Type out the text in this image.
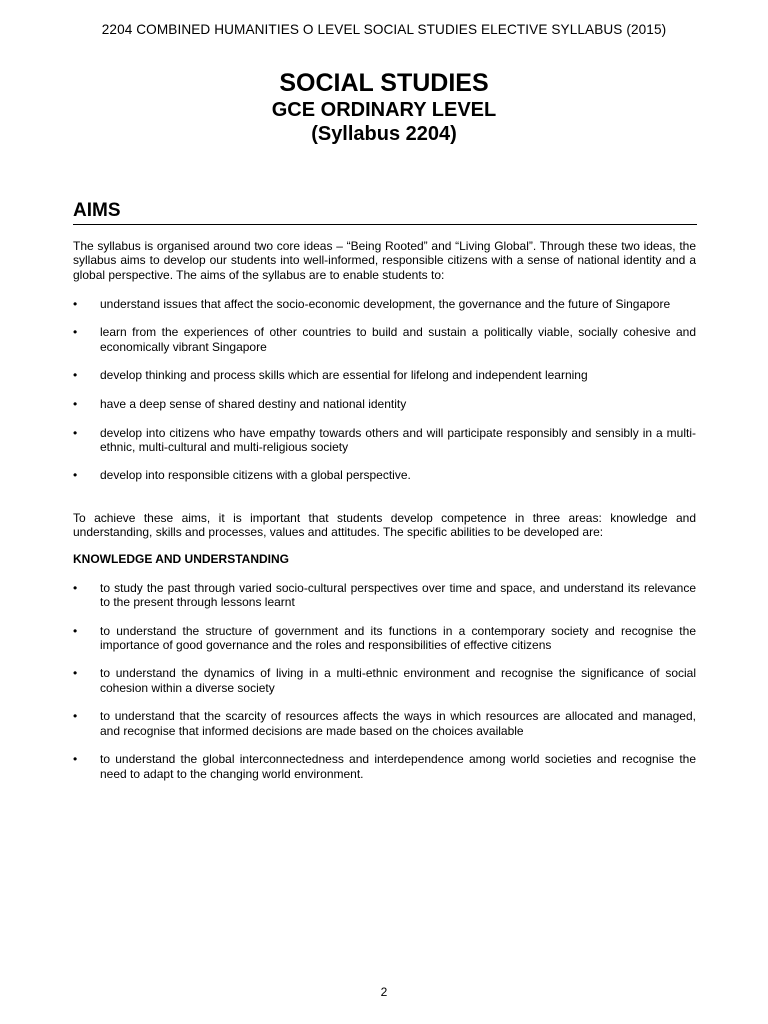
2204 COMBINED HUMANITIES O LEVEL SOCIAL STUDIES ELECTIVE SYLLABUS (2015)
SOCIAL STUDIES
GCE ORDINARY LEVEL
(Syllabus 2204)
AIMS

The syllabus is organised around two core ideas – “Being Rooted” and “Living Global”. Through these two ideas, the syllabus aims to develop our students into well-informed, responsible citizens with a sense of national identity and a global perspective. The aims of the syllabus are to enable students to:

• understand issues that affect the socio-economic development, the governance and the future of Singapore
• learn from the experiences of other countries to build and sustain a politically viable, socially cohesive and economically vibrant Singapore
• develop thinking and process skills which are essential for lifelong and independent learning
• have a deep sense of shared destiny and national identity
• develop into citizens who have empathy towards others and will participate responsibly and sensibly in a multi-ethnic, multi-cultural and multi-religious society
• develop into responsible citizens with a global perspective.

To achieve these aims, it is important that students develop competence in three areas: knowledge and understanding, skills and processes, values and attitudes. The specific abilities to be developed are:

KNOWLEDGE AND UNDERSTANDING
• to study the past through varied socio-cultural perspectives over time and space, and understand its relevance to the present through lessons learnt
• to understand the structure of government and its functions in a contemporary society and recognise the importance of good governance and the roles and responsibilities of effective citizens
• to understand the dynamics of living in a multi-ethnic environment and recognise the significance of social cohesion within a diverse society
• to understand that the scarcity of resources affects the ways in which resources are allocated and managed, and recognise that informed decisions are made based on the choices available
• to understand the global interconnectedness and interdependence among world societies and recognise the need to adapt to the changing world environment.
2
